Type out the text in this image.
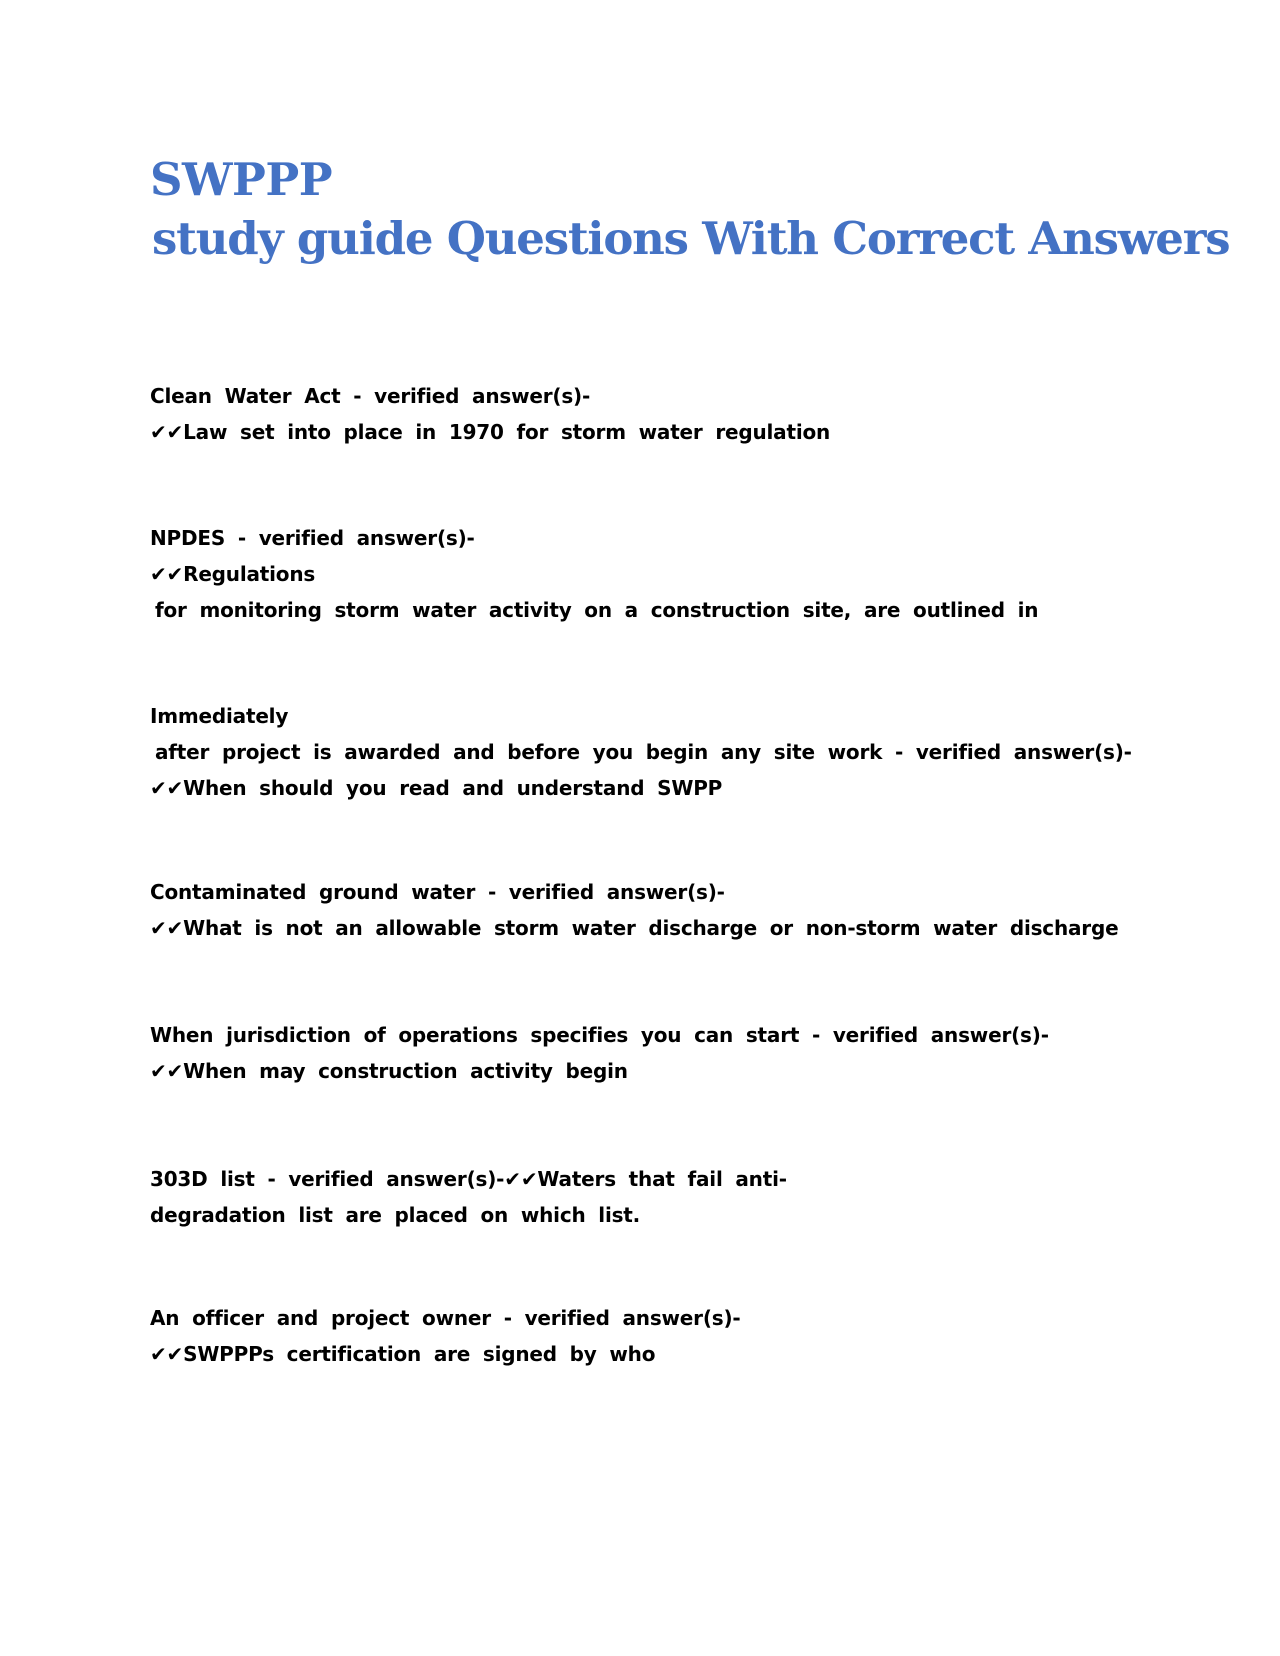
SWPPP
study guide Questions With Correct Answers
Clean Water Act - verified answer(s)-
✔✔Law set into place in 1970 for storm water regulation
NPDES - verified answer(s)-
✔✔Regulations
for monitoring storm water activity on a construction site, are outlined in
Immediately
after project is awarded and before you begin any site work - verified answer(s)-
✔✔When should you read and understand SWPP
Contaminated ground water - verified answer(s)-
✔✔What is not an allowable storm water discharge or non-storm water discharge
When jurisdiction of operations specifies you can start - verified answer(s)-
✔✔When may construction activity begin
303D list - verified answer(s)-✔✔Waters that fail anti-
degradation list are placed on which list.
An officer and project owner - verified answer(s)-
✔✔SWPPPs certification are signed by who
